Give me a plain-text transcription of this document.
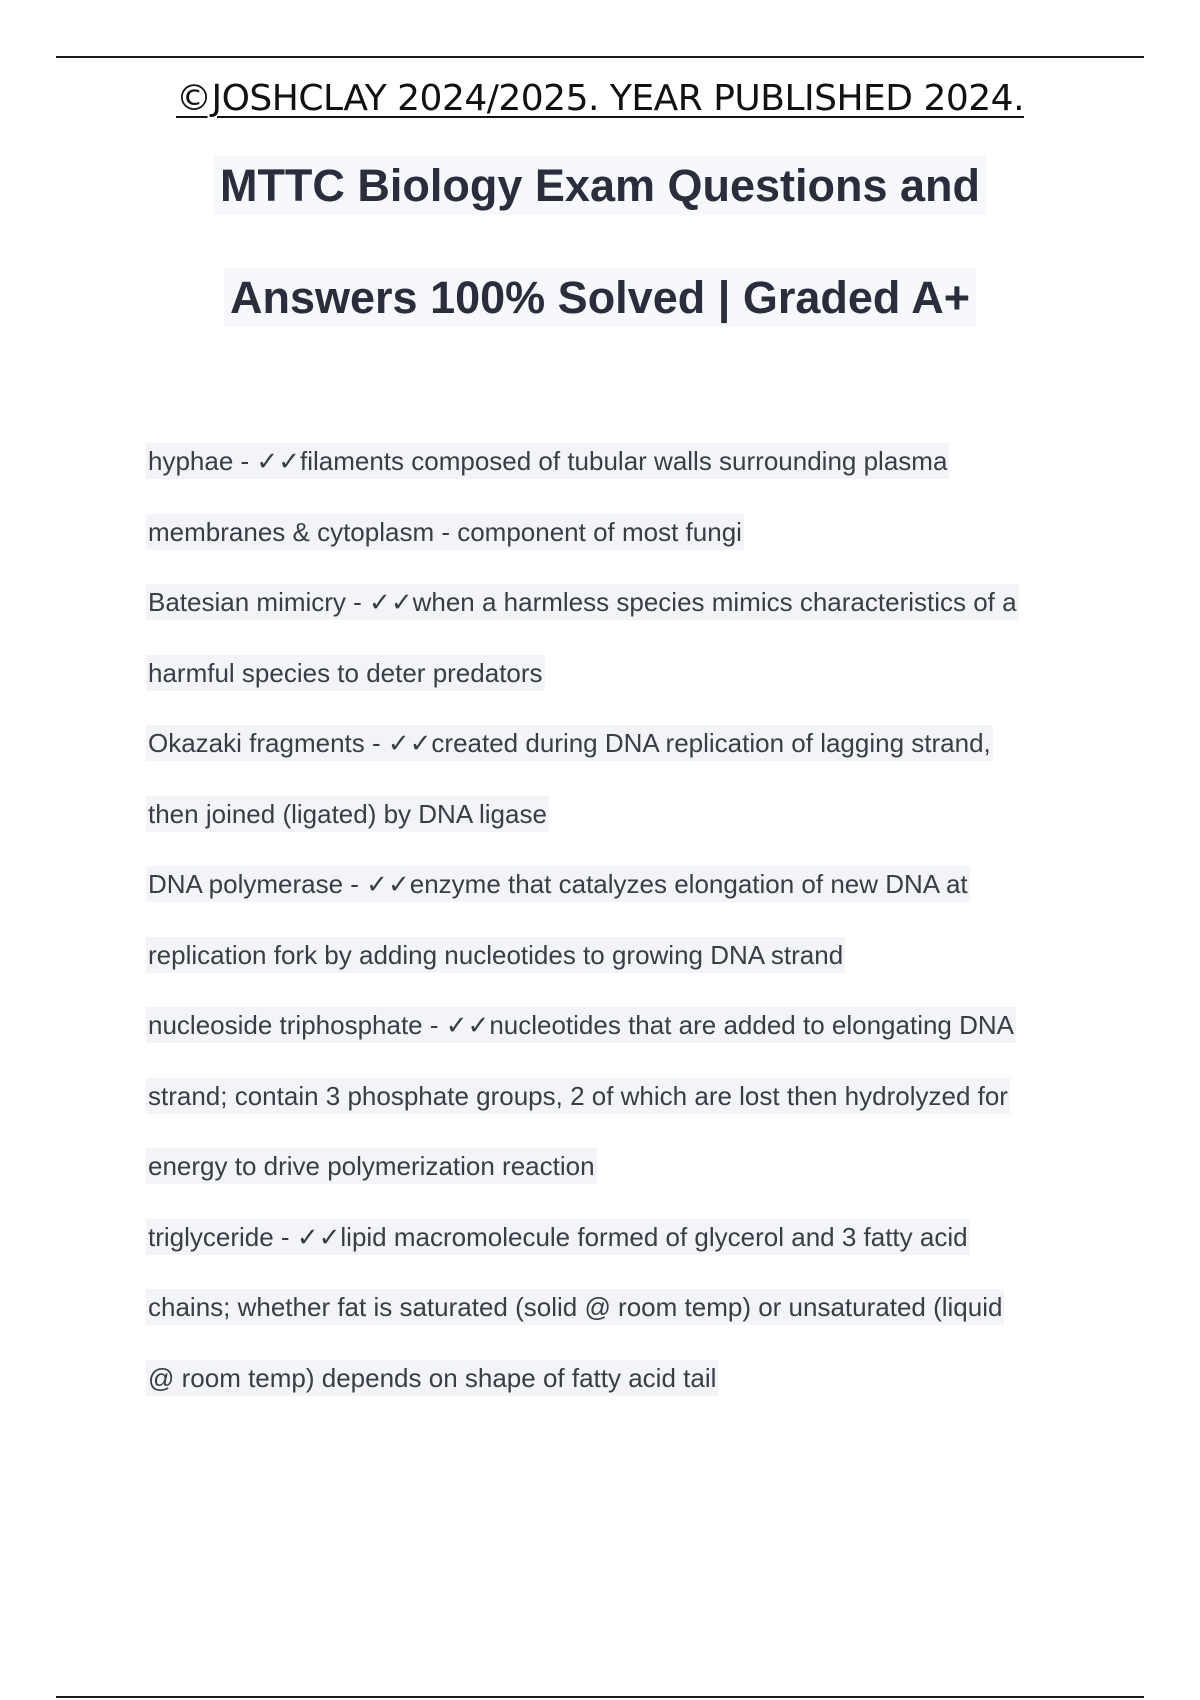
©JOSHCLAY 2024/2025. YEAR PUBLISHED 2024.
MTTC Biology Exam Questions and
Answers 100% Solved | Graded A+
hyphae - ✓✓filaments composed of tubular walls surrounding plasma
membranes & cytoplasm - component of most fungi
Batesian mimicry - ✓✓when a harmless species mimics characteristics of a
harmful species to deter predators
Okazaki fragments - ✓✓created during DNA replication of lagging strand,
then joined (ligated) by DNA ligase
DNA polymerase - ✓✓enzyme that catalyzes elongation of new DNA at
replication fork by adding nucleotides to growing DNA strand
nucleoside triphosphate - ✓✓nucleotides that are added to elongating DNA
strand; contain 3 phosphate groups, 2 of which are lost then hydrolyzed for
energy to drive polymerization reaction
triglyceride - ✓✓lipid macromolecule formed of glycerol and 3 fatty acid
chains; whether fat is saturated (solid @ room temp) or unsaturated (liquid
@ room temp) depends on shape of fatty acid tail
